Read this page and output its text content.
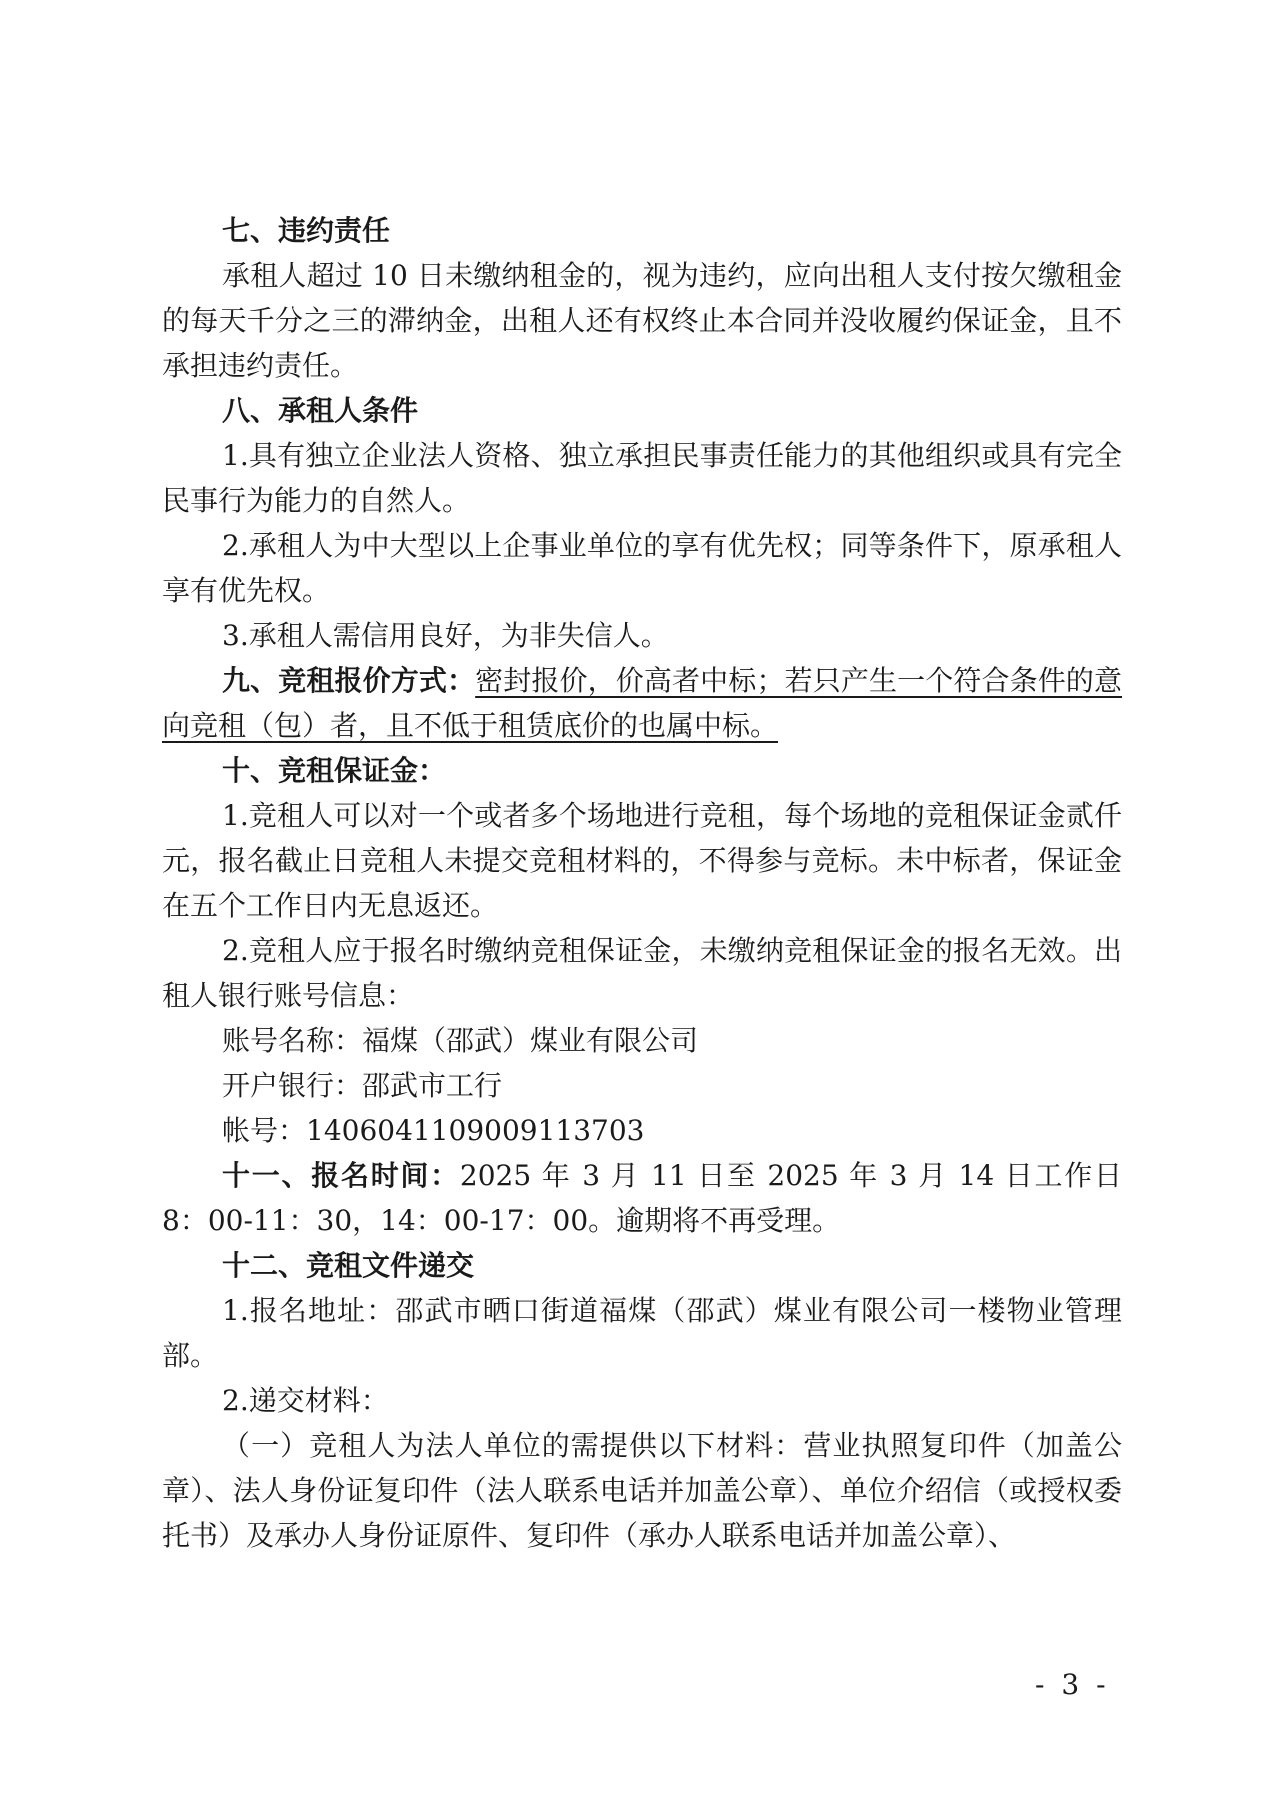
七、违约责任

承租人超过 10 日未缴纳租金的，视为违约，应向出租人支付按欠缴租金的每天千分之三的滞纳金，出租人还有权终止本合同并没收履约保证金，且不承担违约责任。

八、承租人条件

1.具有独立企业法人资格、独立承担民事责任能力的其他组织或具有完全民事行为能力的自然人。

2.承租人为中大型以上企事业单位的享有优先权；同等条件下，原承租人享有优先权。

3.承租人需信用良好，为非失信人。

九、竞租报价方式：密封报价，价高者中标；若只产生一个符合条件的意向竞租（包）者，且不低于租赁底价的也属中标。

十、竞租保证金：

1.竞租人可以对一个或者多个场地进行竞租，每个场地的竞租保证金贰仟元，报名截止日竞租人未提交竞租材料的，不得参与竞标。未中标者，保证金在五个工作日内无息返还。

2.竞租人应于报名时缴纳竞租保证金，未缴纳竞租保证金的报名无效。出租人银行账号信息：

账号名称：福煤（邵武）煤业有限公司

开户银行：邵武市工行

帐号：1406041109009113703

十一、报名时间：2025 年 3 月 11 日至 2025 年 3 月 14 日工作日 8：00-11：30，14：00-17：00。逾期将不再受理。

十二、竞租文件递交

1.报名地址：邵武市晒口街道福煤（邵武）煤业有限公司一楼物业管理部。

2.递交材料：

（一）竞租人为法人单位的需提供以下材料：营业执照复印件（加盖公章）、法人身份证复印件（法人联系电话并加盖公章）、单位介绍信（或授权委托书）及承办人身份证原件、复印件（承办人联系电话并加盖公章）、

- 3 -
